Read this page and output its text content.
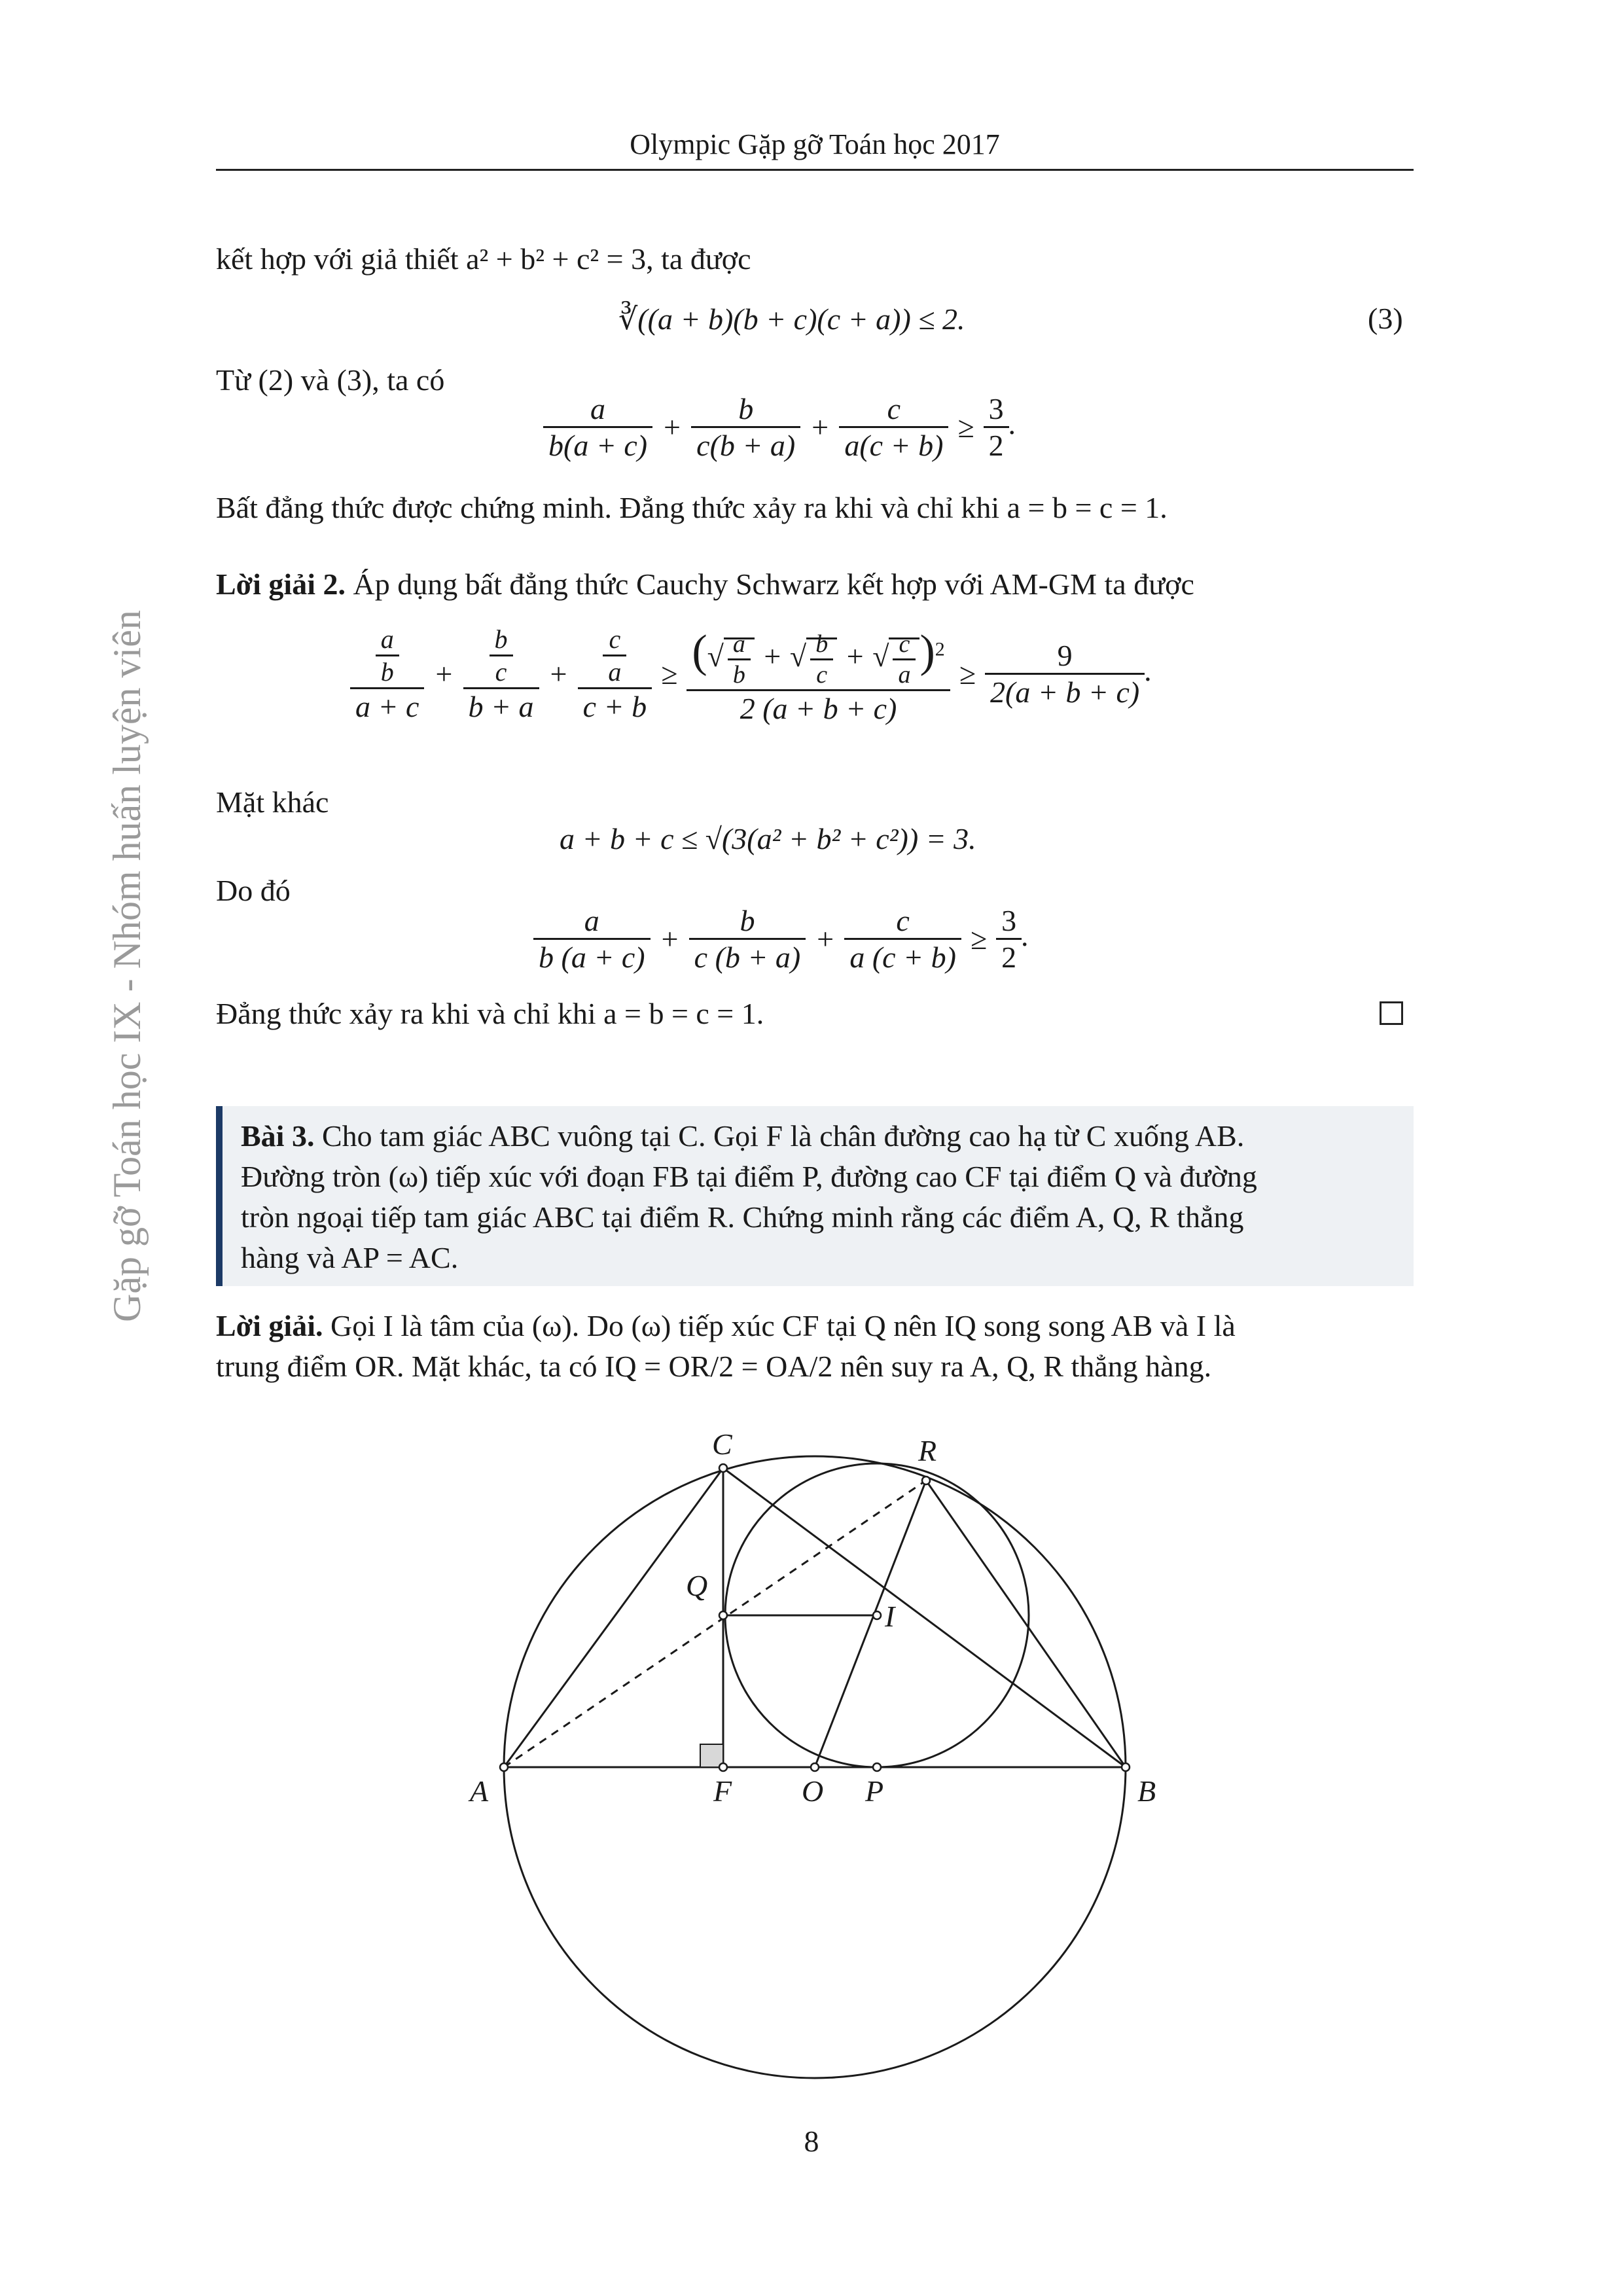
Olympic Gặp gỡ Toán học 2017
Gặp gỡ Toán học IX - Nhóm huấn luyện viên
kết hợp với giả thiết a² + b² + c² = 3, ta được
∛((a + b)(b + c)(c + a)) ≤ 2.	(3)
Từ (2) và (3), ta có
$\frac{a}{b(a + c)} + \frac{b}{c(b + a)} + \frac{c}{a(c + b)} \ge \frac{3}{2}$ .
Bất đẳng thức được chứng minh. Đẳng thức xảy ra khi và chỉ khi a = b = c = 1.
Lời giải 2. Áp dụng bất đẳng thức Cauchy Schwarz kết hợp với AM-GM ta được
$\frac{\frac{a}{b}}{a + c} + \frac{\frac{b}{c}}{b + a} + \frac{\frac{c}{a}}{c + b} \ge \frac{(√ \frac{a}{b} + √ \frac{b}{c} + √ \frac{c}{a} )^2}{2 (a + b + c)} \ge \frac{9}{2(a + b + c)}$ .
Mặt khác
a + b + c ≤ √(3(a² + b² + c²)) = 3.
Do đó
$\frac{a}{b (a + c)} + \frac{b}{c (b + a)} + \frac{c}{a (c + b)} \ge \frac{3}{2}$ .
Đẳng thức xảy ra khi và chỉ khi a = b = c = 1.
Bài 3. Cho tam giác ABC vuông tại C. Gọi F là chân đường cao hạ từ C xuống AB.
Đường tròn (ω) tiếp xúc với đoạn FB tại điểm P, đường cao CF tại điểm Q và đường
tròn ngoại tiếp tam giác ABC tại điểm R. Chứng minh rằng các điểm A, Q, R thẳng
hàng và AP = AC.
Lời giải. Gọi I là tâm của (ω). Do (ω) tiếp xúc CF tại Q nên IQ song song AB và I là
trung điểm OR. Mặt khác, ta có IQ = OR/2 = OA/2 nên suy ra A, Q, R thẳng hàng.
A	B
C
F O P
Q
R
I
8
